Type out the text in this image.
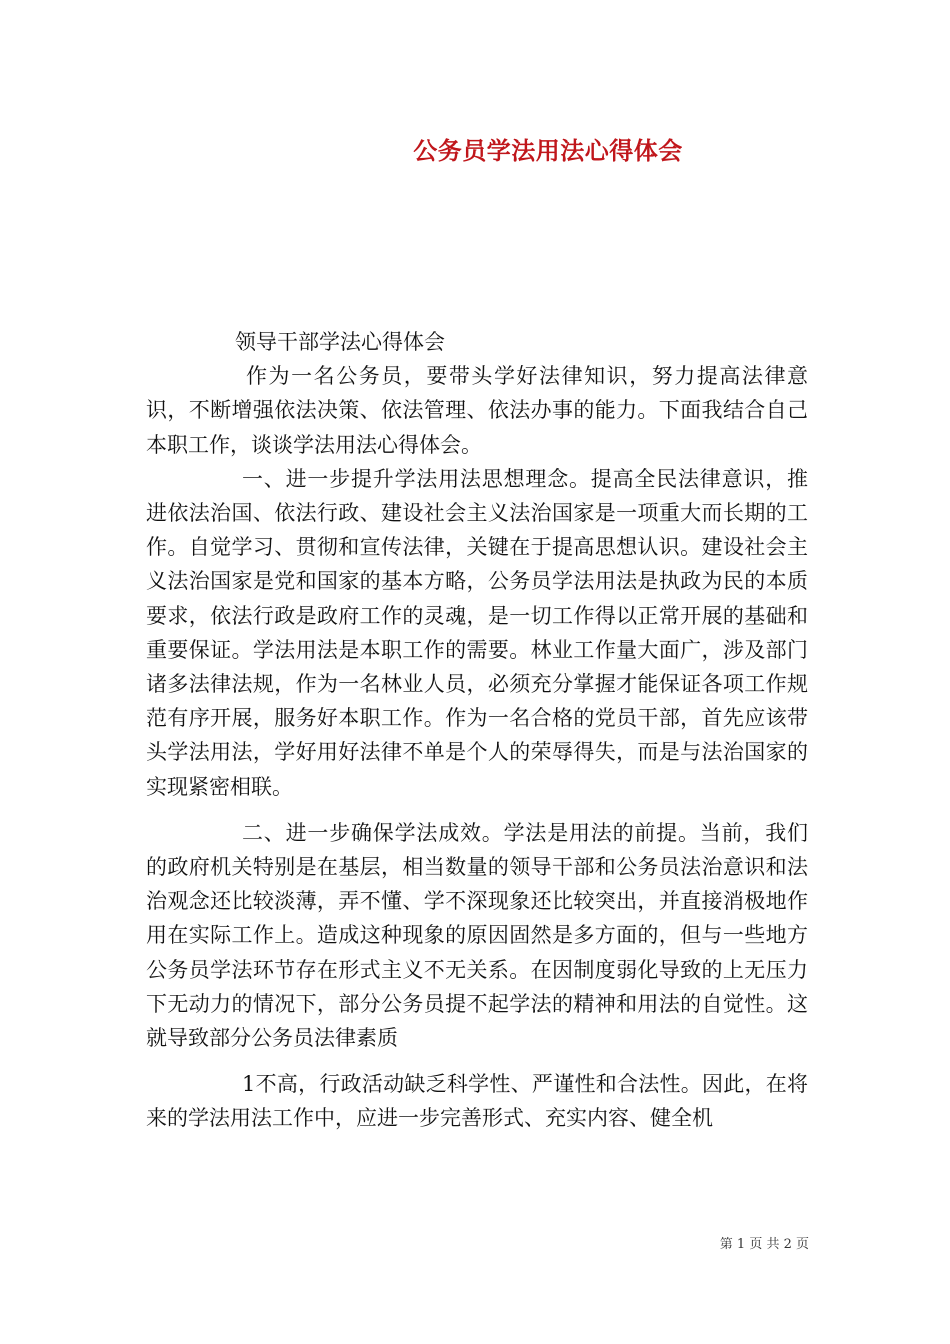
公务员学法用法心得体会

领导干部学法心得体会

作为一名公务员，要带头学好法律知识，努力提高法律意识，不断增强依法决策、依法管理、依法办事的能力。下面我结合自己本职工作，谈谈学法用法心得体会。

一、进一步提升学法用法思想理念。提高全民法律意识，推进依法治国、依法行政、建设社会主义法治国家是一项重大而长期的工作。自觉学习、贯彻和宣传法律，关键在于提高思想认识。建设社会主义法治国家是党和国家的基本方略，公务员学法用法是执政为民的本质要求，依法行政是政府工作的灵魂，是一切工作得以正常开展的基础和重要保证。学法用法是本职工作的需要。林业工作量大面广，涉及部门诸多法律法规，作为一名林业人员，必须充分掌握才能保证各项工作规范有序开展，服务好本职工作。作为一名合格的党员干部，首先应该带头学法用法，学好用好法律不单是个人的荣辱得失，而是与法治国家的实现紧密相联。

二、进一步确保学法成效。学法是用法的前提。当前，我们的政府机关特别是在基层，相当数量的领导干部和公务员法治意识和法治观念还比较淡薄，弄不懂、学不深现象还比较突出，并直接消极地作用在实际工作上。造成这种现象的原因固然是多方面的，但与一些地方公务员学法环节存在形式主义不无关系。在因制度弱化导致的上无压力下无动力的情况下，部分公务员提不起学法的精神和用法的自觉性。这就导致部分公务员法律素质

1不高，行政活动缺乏科学性、严谨性和合法性。因此，在将来的学法用法工作中，应进一步完善形式、充实内容、健全机

第 1 页 共 2 页
